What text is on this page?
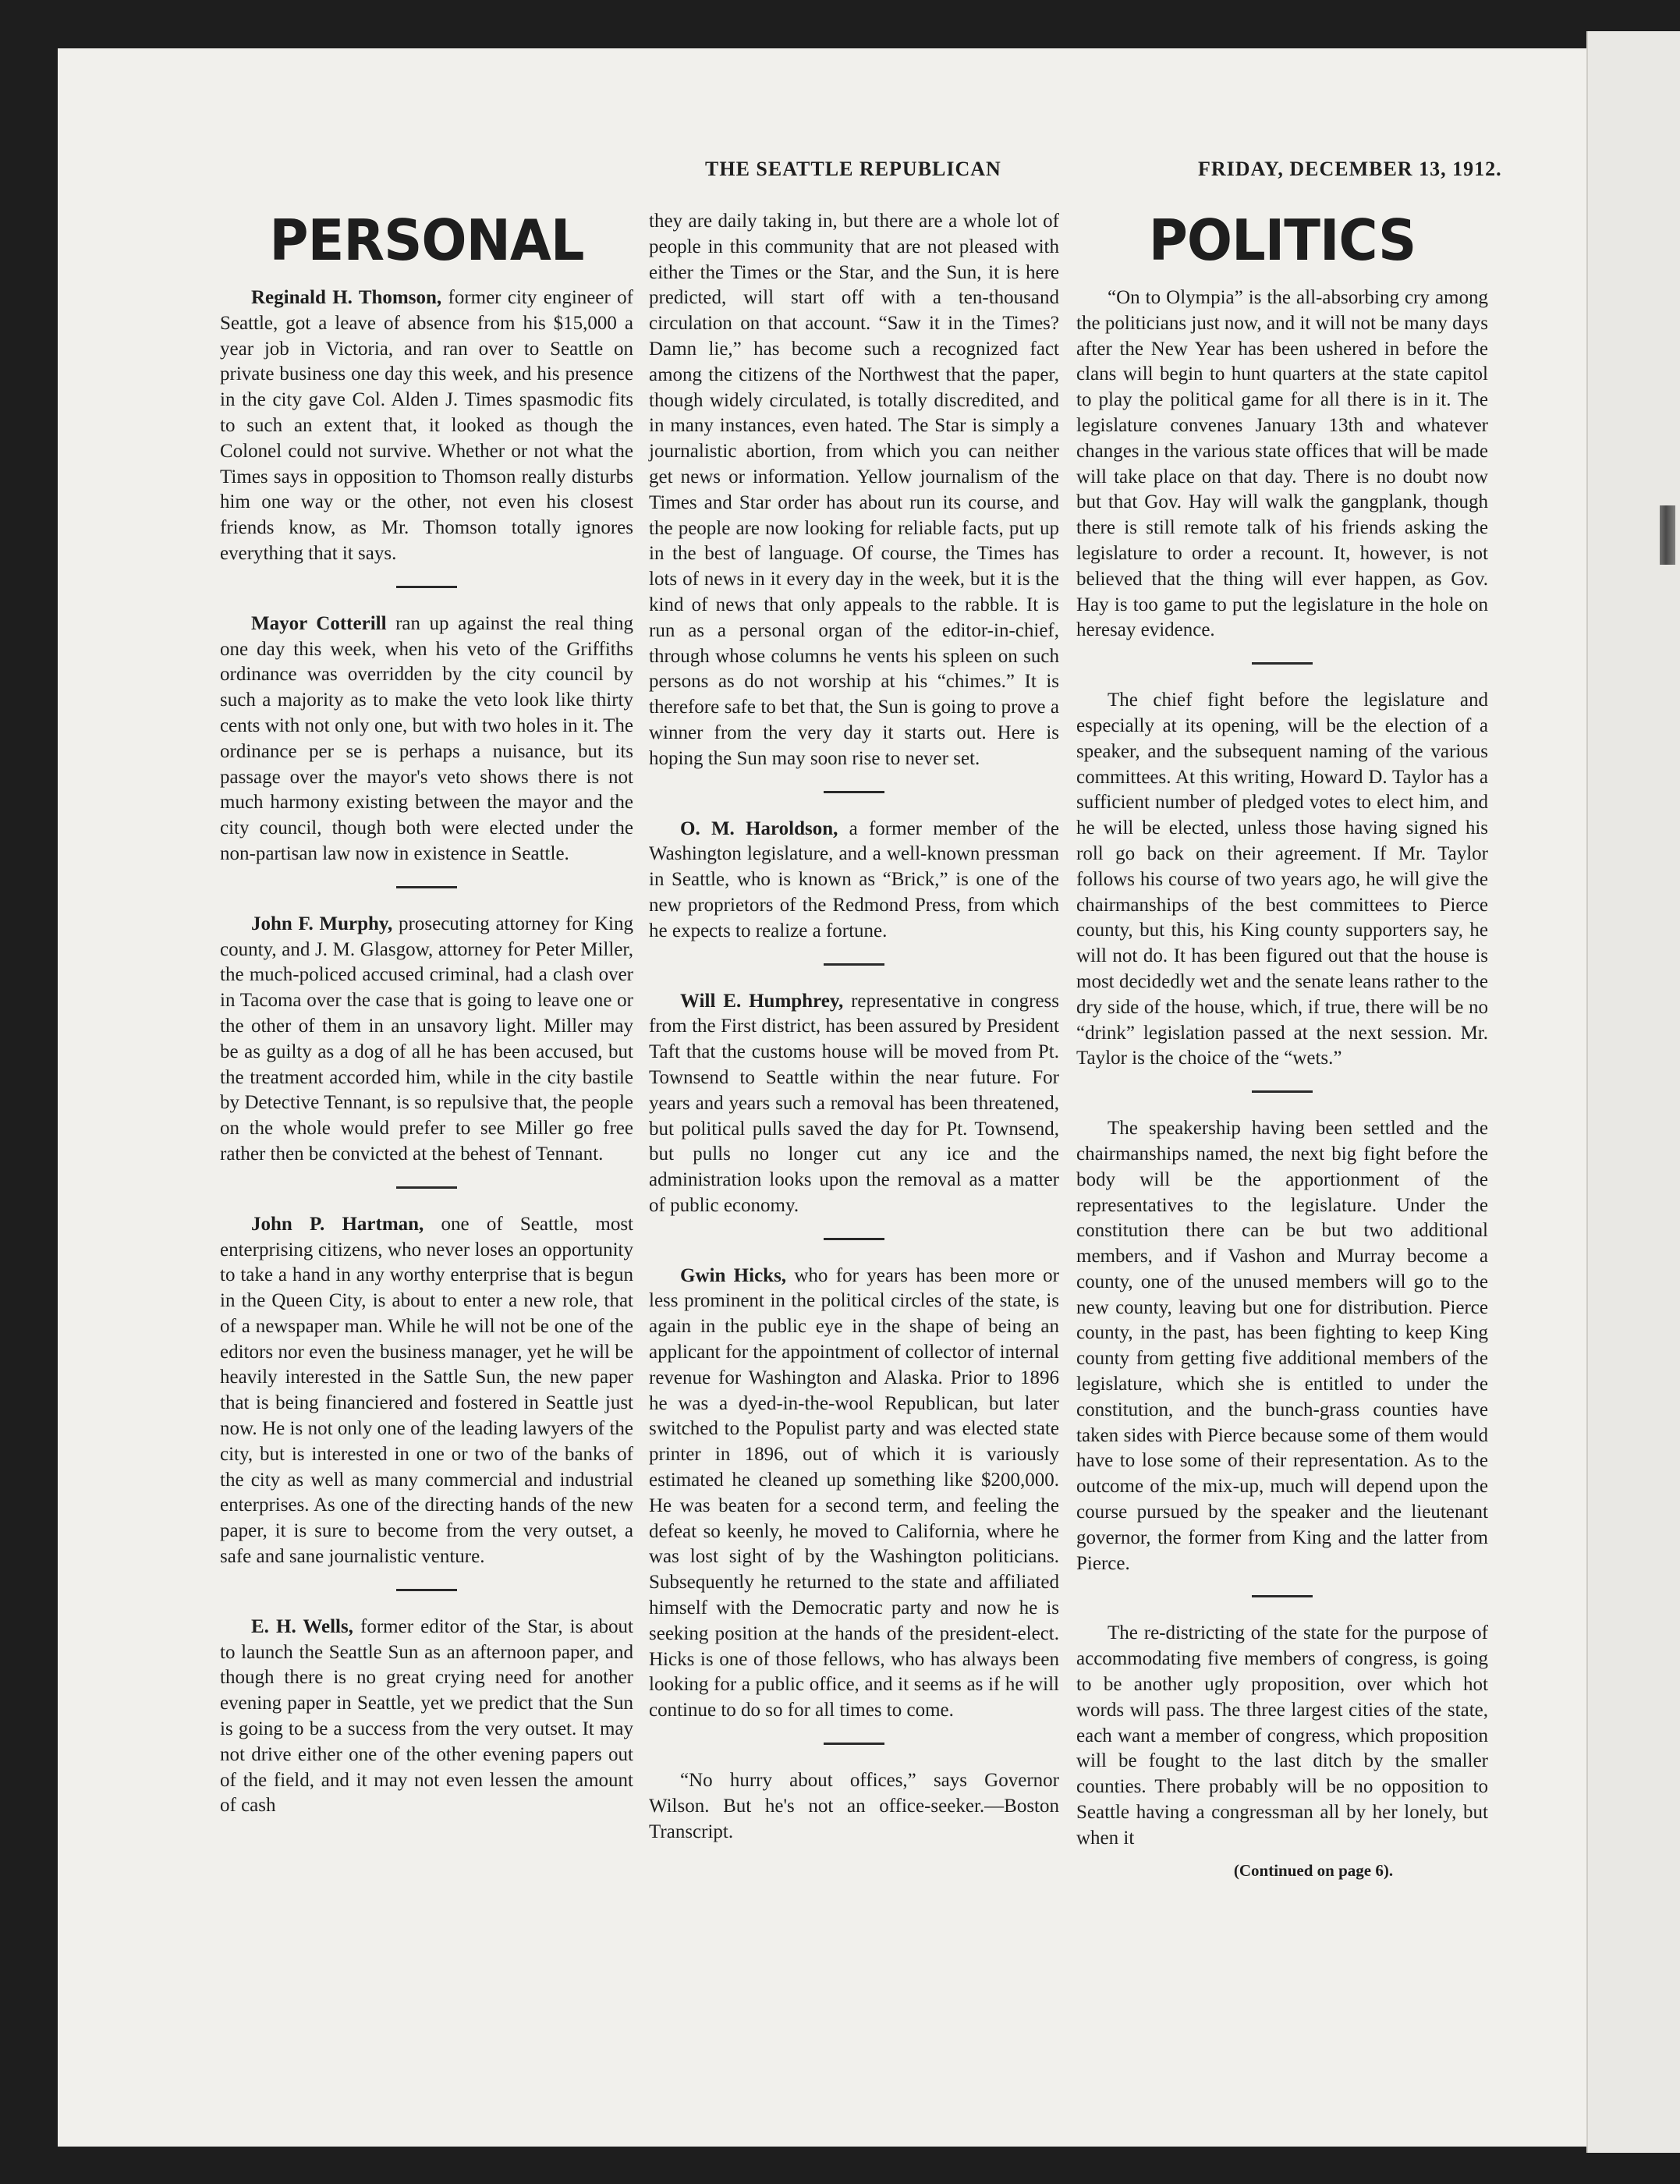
THE SEATTLE REPUBLICAN	FRIDAY, DECEMBER 13, 1912.
PERSONAL

Reginald H. Thomson, former city engineer of Seattle, got a leave of absence from his $15,000 a year job in Victoria, and ran over to Seattle on private business one day this week, and his presence in the city gave Col. Alden J. Times spasmodic fits to such an extent that, it looked as though the Colonel could not survive. Whether or not what the Times says in opposition to Thomson really disturbs him one way or the other, not even his closest friends know, as Mr. Thomson totally ignores everything that it says.

Mayor Cotterill ran up against the real thing one day this week, when his veto of the Griffiths ordinance was overridden by the city council by such a majority as to make the veto look like thirty cents with not only one, but with two holes in it. The ordinance per se is perhaps a nuisance, but its passage over the mayor's veto shows there is not much harmony existing between the mayor and the city council, though both were elected under the non-partisan law now in existence in Seattle.

John F. Murphy, prosecuting attorney for King county, and J. M. Glasgow, attorney for Peter Miller, the much-policed accused criminal, had a clash over in Tacoma over the case that is going to leave one or the other of them in an unsavory light. Miller may be as guilty as a dog of all he has been accused, but the treatment accorded him, while in the city bastile by Detective Tennant, is so repulsive that, the people on the whole would prefer to see Miller go free rather then be convicted at the behest of Tennant.

John P. Hartman, one of Seattle, most enterprising citizens, who never loses an opportunity to take a hand in any worthy enterprise that is begun in the Queen City, is about to enter a new role, that of a newspaper man. While he will not be one of the editors nor even the business manager, yet he will be heavily interested in the Sattle Sun, the new paper that is being financiered and fostered in Seattle just now. He is not only one of the leading lawyers of the city, but is interested in one or two of the banks of the city as well as many commercial and industrial enterprises. As one of the directing hands of the new paper, it is sure to become from the very outset, a safe and sane journalistic venture.

E. H. Wells, former editor of the Star, is about to launch the Seattle Sun as an afternoon paper, and though there is no great crying need for another evening paper in Seattle, yet we predict that the Sun is going to be a success from the very outset. It may not drive either one of the other evening papers out of the field, and it may not even lessen the amount of cash

they are daily taking in, but there are a whole lot of people in this community that are not pleased with either the Times or the Star, and the Sun, it is here predicted, will start off with a ten-thousand circulation on that account. “Saw it in the Times? Damn lie,” has become such a recognized fact among the citizens of the Northwest that the paper, though widely circulated, is totally discredited, and in many instances, even hated. The Star is simply a journalistic abortion, from which you can neither get news or information. Yellow journalism of the Times and Star order has about run its course, and the people are now looking for reliable facts, put up in the best of language. Of course, the Times has lots of news in it every day in the week, but it is the kind of news that only appeals to the rabble. It is run as a personal organ of the editor-in-chief, through whose columns he vents his spleen on such persons as do not worship at his “chimes.” It is therefore safe to bet that, the Sun is going to prove a winner from the very day it starts out. Here is hoping the Sun may soon rise to never set.

O. M. Haroldson, a former member of the Washington legislature, and a well-known pressman in Seattle, who is known as “Brick,” is one of the new proprietors of the Redmond Press, from which he expects to realize a fortune.

Will E. Humphrey, representative in congress from the First district, has been assured by President Taft that the customs house will be moved from Pt. Townsend to Seattle within the near future. For years and years such a removal has been threatened, but political pulls saved the day for Pt. Townsend, but pulls no longer cut any ice and the administration looks upon the removal as a matter of public economy.

Gwin Hicks, who for years has been more or less prominent in the political circles of the state, is again in the public eye in the shape of being an applicant for the appointment of collector of internal revenue for Washington and Alaska. Prior to 1896 he was a dyed-in-the-wool Republican, but later switched to the Populist party and was elected state printer in 1896, out of which it is variously estimated he cleaned up something like $200,000. He was beaten for a second term, and feeling the defeat so keenly, he moved to California, where he was lost sight of by the Washington politicians. Subsequently he returned to the state and affiliated himself with the Democratic party and now he is seeking position at the hands of the president-elect. Hicks is one of those fellows, who has always been looking for a public office, and it seems as if he will continue to do so for all times to come.

“No hurry about offices,” says Governor Wilson. But he's not an office-seeker.—Boston Transcript.

POLITICS

“On to Olympia” is the all-absorbing cry among the politicians just now, and it will not be many days after the New Year has been ushered in before the clans will begin to hunt quarters at the state capitol to play the political game for all there is in it. The legislature convenes January 13th and whatever changes in the various state offices that will be made will take place on that day. There is no doubt now but that Gov. Hay will walk the gangplank, though there is still remote talk of his friends asking the legislature to order a recount. It, however, is not believed that the thing will ever happen, as Gov. Hay is too game to put the legislature in the hole on heresay evidence.

The chief fight before the legislature and especially at its opening, will be the election of a speaker, and the subsequent naming of the various committees. At this writing, Howard D. Taylor has a sufficient number of pledged votes to elect him, and he will be elected, unless those having signed his roll go back on their agreement. If Mr. Taylor follows his course of two years ago, he will give the chairmanships of the best committees to Pierce county, but this, his King county supporters say, he will not do. It has been figured out that the house is most decidedly wet and the senate leans rather to the dry side of the house, which, if true, there will be no “drink” legislation passed at the next session. Mr. Taylor is the choice of the “wets.”

The speakership having been settled and the chairmanships named, the next big fight before the body will be the apportionment of the representatives to the legislature. Under the constitution there can be but two additional members, and if Vashon and Murray become a county, one of the unused members will go to the new county, leaving but one for distribution. Pierce county, in the past, has been fighting to keep King county from getting five additional members of the legislature, which she is entitled to under the constitution, and the bunch-grass counties have taken sides with Pierce because some of them would have to lose some of their representation. As to the outcome of the mix-up, much will depend upon the course pursued by the speaker and the lieutenant governor, the former from King and the latter from Pierce.

The re-districting of the state for the purpose of accommodating five members of congress, is going to be another ugly proposition, over which hot words will pass. The three largest cities of the state, each want a member of congress, which proposition will be fought to the last ditch by the smaller counties. There probably will be no opposition to Seattle having a congressman all by her lonely, but when it

(Continued on page 6).
